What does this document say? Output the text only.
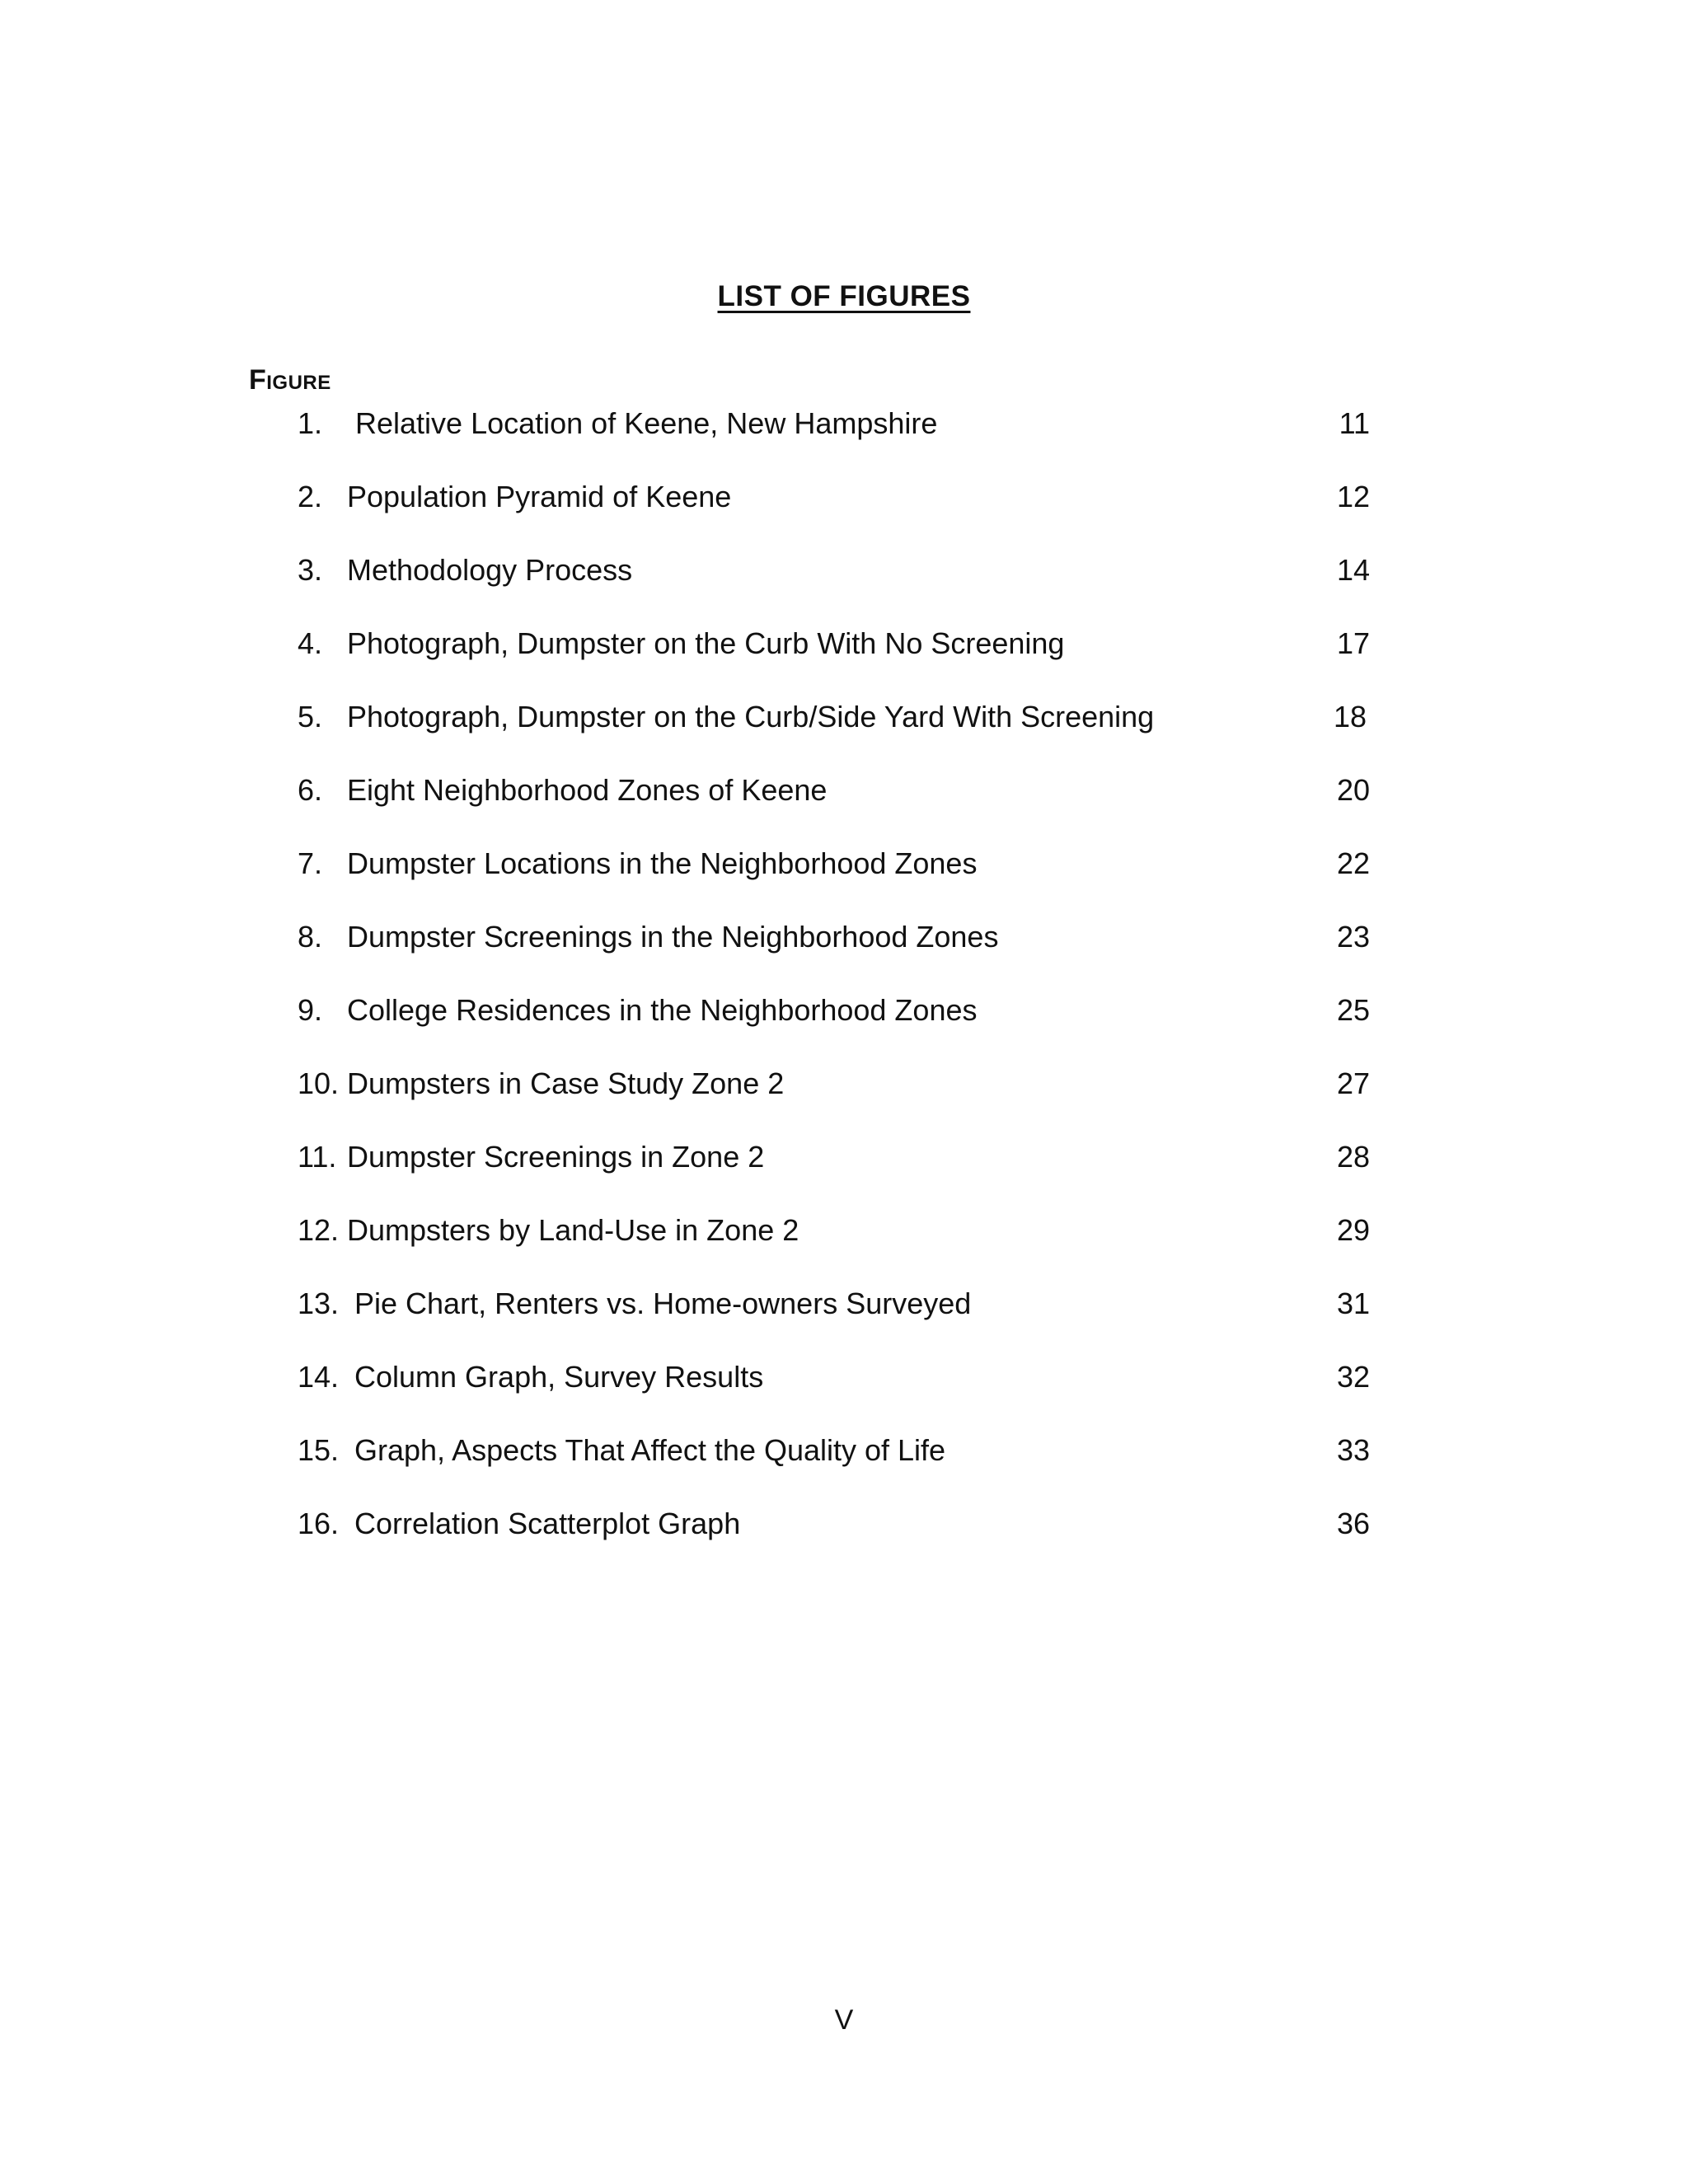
LIST OF FIGURES
Figure
1. Relative Location of Keene, New Hampshire	11
2. Population Pyramid of Keene	12
3. Methodology Process	14
4. Photograph, Dumpster on the Curb With No Screening	17
5. Photograph, Dumpster on the Curb/Side Yard With Screening	18
6. Eight Neighborhood Zones of Keene	20
7. Dumpster Locations in the Neighborhood Zones	22
8. Dumpster Screenings in the Neighborhood Zones	23
9. College Residences in the Neighborhood Zones	25
10. Dumpsters in Case Study Zone 2	27
11. Dumpster Screenings in Zone 2	28
12. Dumpsters by Land-Use in Zone 2	29
13. Pie Chart, Renters vs. Home-owners Surveyed	31
14. Column Graph, Survey Results	32
15. Graph, Aspects That Affect the Quality of Life	33
16. Correlation Scatterplot Graph	36
V
